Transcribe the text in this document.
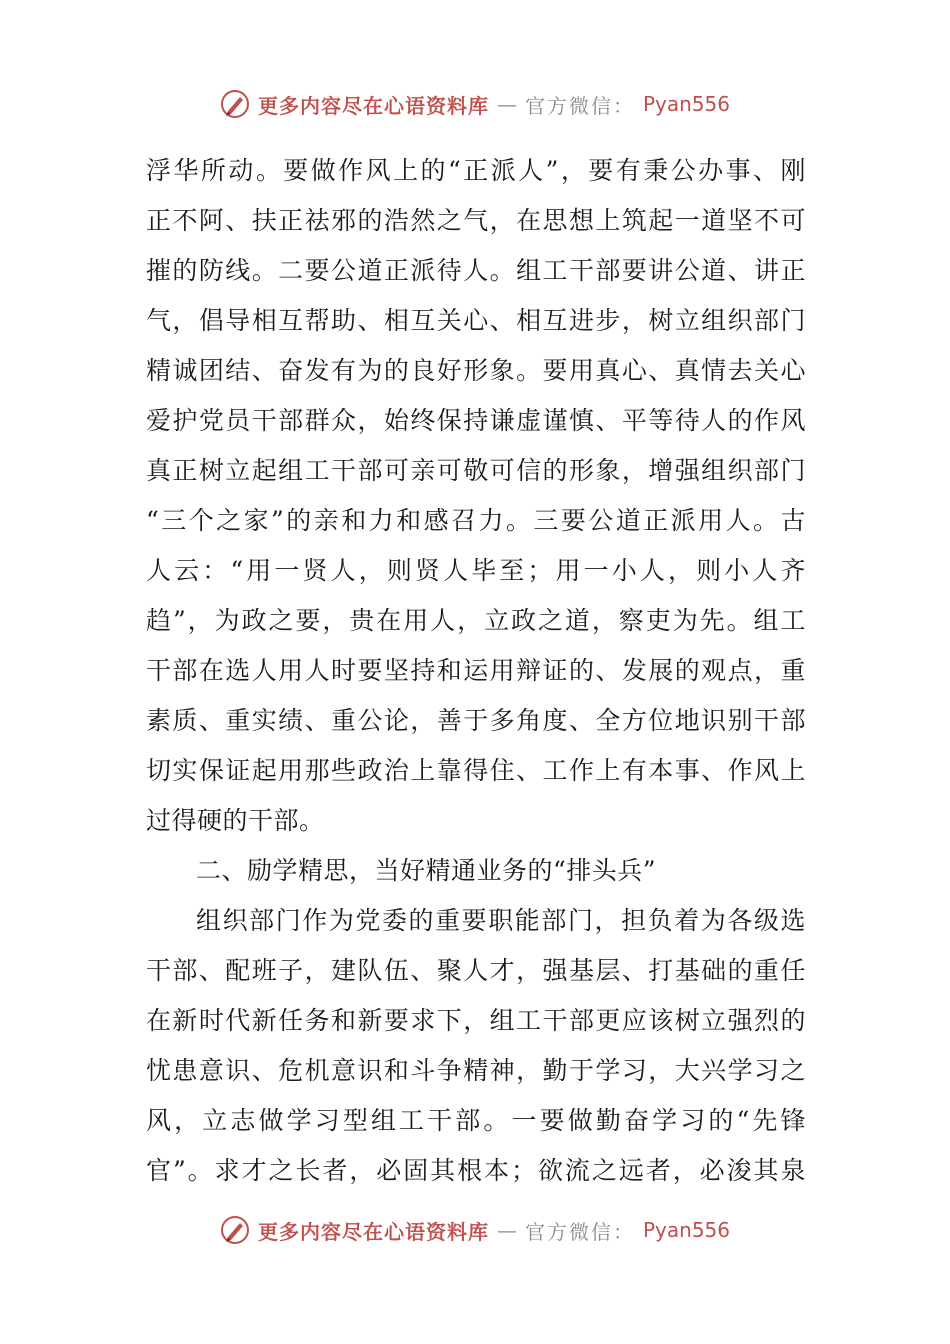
更多内容尽在心语资料库 — 官方微信： Pyan556
浮华所动。要做作风上的“正派人”，要有秉公办事、刚
正不阿、扶正祛邪的浩然之气，在思想上筑起一道坚不可
摧的防线。二要公道正派待人。组工干部要讲公道、讲正
气，倡导相互帮助、相互关心、相互进步，树立组织部门
精诚团结、奋发有为的良好形象。要用真心、真情去关心
爱护党员干部群众，始终保持谦虚谨慎、平等待人的作风
真正树立起组工干部可亲可敬可信的形象，增强组织部门
“三个之家”的亲和力和感召力。三要公道正派用人。古
人云：“用一贤人，则贤人毕至；用一小人，则小人齐
趋”，为政之要，贵在用人，立政之道，察吏为先。组工
干部在选人用人时要坚持和运用辩证的、发展的观点，重
素质、重实绩、重公论，善于多角度、全方位地识别干部
切实保证起用那些政治上靠得住、工作上有本事、作风上
过得硬的干部。
二、励学精思，当好精通业务的“排头兵”
组织部门作为党委的重要职能部门，担负着为各级选
干部、配班子，建队伍、聚人才，强基层、打基础的重任
在新时代新任务和新要求下，组工干部更应该树立强烈的
忧患意识、危机意识和斗争精神，勤于学习，大兴学习之
风，立志做学习型组工干部。一要做勤奋学习的“先锋
官”。求才之长者，必固其根本；欲流之远者，必浚其泉
更多内容尽在心语资料库 — 官方微信： Pyan556
